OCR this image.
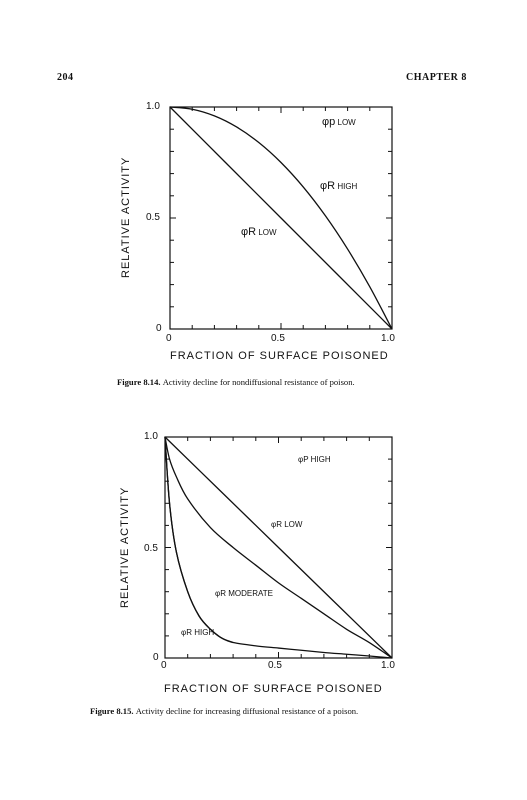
204	CHAPTER 8
1.0
0.5
0
0	0.5	1.0
RELATIVE ACTIVITY
FRACTION OF SURFACE POISONED
φp LOW
φR HIGH
φR LOW
Figure 8.14. Activity decline for nondiffusional resistance of poison.
1.0
0.5
0
0	0.5	1.0
RELATIVE ACTIVITY
FRACTION OF SURFACE POISONED
φP HIGH
φR LOW
φR MODERATE
φR HIGH
Figure 8.15. Activity decline for increasing diffusional resistance of a poison.
